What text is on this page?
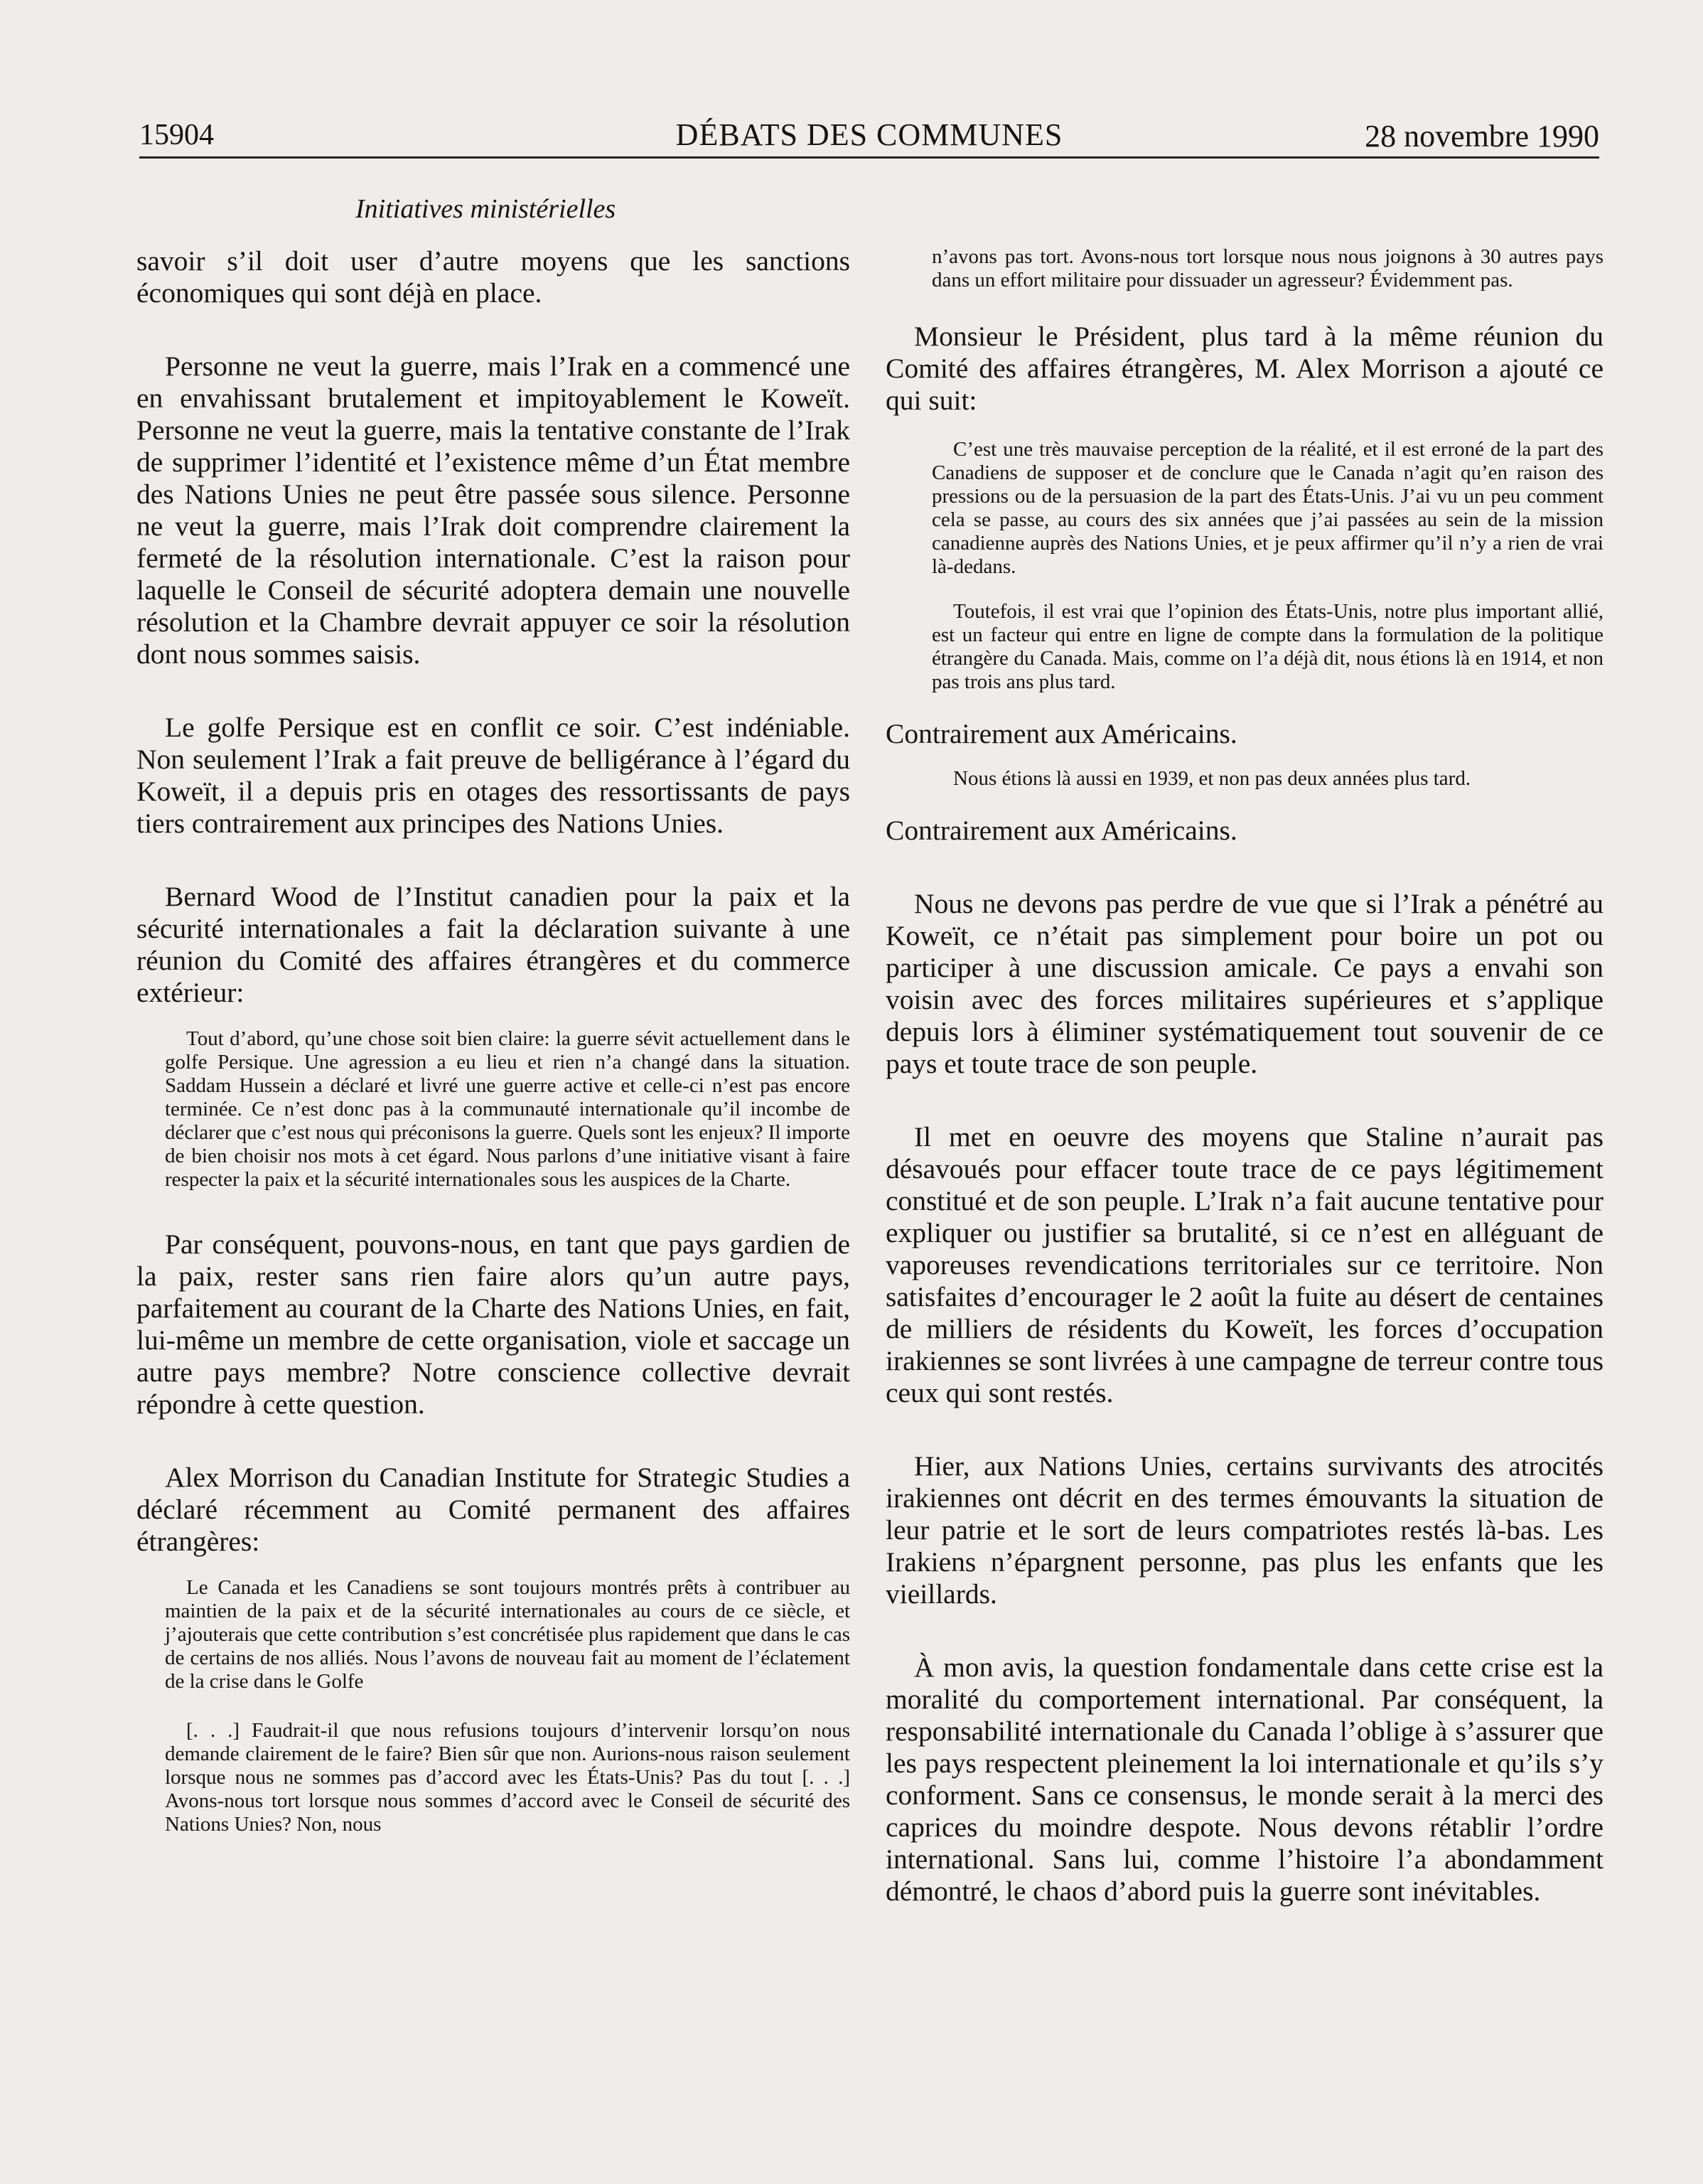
15904	DÉBATS DES COMMUNES	28 novembre 1990
Initiatives ministérielles

savoir s’il doit user d’autre moyens que les sanctions économiques qui sont déjà en place.

Personne ne veut la guerre, mais l’Irak en a commencé une en envahissant brutalement et impitoyablement le Koweït. Personne ne veut la guerre, mais la tentative constante de l’Irak de supprimer l’identité et l’existence même d’un État membre des Nations Unies ne peut être passée sous silence. Personne ne veut la guerre, mais l’Irak doit comprendre clairement la fermeté de la résolution internationale. C’est la raison pour laquelle le Conseil de sécurité adoptera demain une nouvelle résolution et la Chambre devrait appuyer ce soir la résolution dont nous sommes saisis.

Le golfe Persique est en conflit ce soir. C’est indéniable. Non seulement l’Irak a fait preuve de belligérance à l’égard du Koweït, il a depuis pris en otages des ressortissants de pays tiers contrairement aux principes des Nations Unies.

Bernard Wood de l’Institut canadien pour la paix et la sécurité internationales a fait la déclaration suivante à une réunion du Comité des affaires étrangères et du commerce extérieur:

Tout d’abord, qu’une chose soit bien claire: la guerre sévit actuellement dans le golfe Persique. Une agression a eu lieu et rien n’a changé dans la situation. Saddam Hussein a déclaré et livré une guerre active et celle-ci n’est pas encore terminée. Ce n’est donc pas à la communauté internationale qu’il incombe de déclarer que c’est nous qui préconisons la guerre. Quels sont les enjeux? Il importe de bien choisir nos mots à cet égard. Nous parlons d’une initiative visant à faire respecter la paix et la sécurité internationales sous les auspices de la Charte.

Par conséquent, pouvons-nous, en tant que pays gardien de la paix, rester sans rien faire alors qu’un autre pays, parfaitement au courant de la Charte des Nations Unies, en fait, lui-même un membre de cette organisation, viole et saccage un autre pays membre? Notre conscience collective devrait répondre à cette question.

Alex Morrison du Canadian Institute for Strategic Studies a déclaré récemment au Comité permanent des affaires étrangères:

Le Canada et les Canadiens se sont toujours montrés prêts à contribuer au maintien de la paix et de la sécurité internationales au cours de ce siècle, et j’ajouterais que cette contribution s’est concrétisée plus rapidement que dans le cas de certains de nos alliés. Nous l’avons de nouveau fait au moment de l’éclatement de la crise dans le Golfe

[. . .] Faudrait-il que nous refusions toujours d’intervenir lorsqu’on nous demande clairement de le faire? Bien sûr que non. Aurions-nous raison seulement lorsque nous ne sommes pas d’accord avec les États-Unis? Pas du tout [. . .] Avons-nous tort lorsque nous sommes d’accord avec le Conseil de sécurité des Nations Unies? Non, nous

n’avons pas tort. Avons-nous tort lorsque nous nous joignons à 30 autres pays dans un effort militaire pour dissuader un agresseur? Évidemment pas.

Monsieur le Président, plus tard à la même réunion du Comité des affaires étrangères, M. Alex Morrison a ajouté ce qui suit:

C’est une très mauvaise perception de la réalité, et il est erroné de la part des Canadiens de supposer et de conclure que le Canada n’agit qu’en raison des pressions ou de la persuasion de la part des États-Unis. J’ai vu un peu comment cela se passe, au cours des six années que j’ai passées au sein de la mission canadienne auprès des Nations Unies, et je peux affirmer qu’il n’y a rien de vrai là-dedans.

Toutefois, il est vrai que l’opinion des États-Unis, notre plus important allié, est un facteur qui entre en ligne de compte dans la formulation de la politique étrangère du Canada. Mais, comme on l’a déjà dit, nous étions là en 1914, et non pas trois ans plus tard.

Contrairement aux Américains.

Nous étions là aussi en 1939, et non pas deux années plus tard.

Contrairement aux Américains.

Nous ne devons pas perdre de vue que si l’Irak a pénétré au Koweït, ce n’était pas simplement pour boire un pot ou participer à une discussion amicale. Ce pays a envahi son voisin avec des forces militaires supérieures et s’applique depuis lors à éliminer systématiquement tout souvenir de ce pays et toute trace de son peuple.

Il met en oeuvre des moyens que Staline n’aurait pas désavoués pour effacer toute trace de ce pays légitimement constitué et de son peuple. L’Irak n’a fait aucune tentative pour expliquer ou justifier sa brutalité, si ce n’est en alléguant de vaporeuses revendications territoriales sur ce territoire. Non satisfaites d’encourager le 2 août la fuite au désert de centaines de milliers de résidents du Koweït, les forces d’occupation irakiennes se sont livrées à une campagne de terreur contre tous ceux qui sont restés.

Hier, aux Nations Unies, certains survivants des atrocités irakiennes ont décrit en des termes émouvants la situation de leur patrie et le sort de leurs compatriotes restés là-bas. Les Irakiens n’épargnent personne, pas plus les enfants que les vieillards.

À mon avis, la question fondamentale dans cette crise est la moralité du comportement international. Par conséquent, la responsabilité internationale du Canada l’oblige à s’assurer que les pays respectent pleinement la loi internationale et qu’ils s’y conforment. Sans ce consensus, le monde serait à la merci des caprices du moindre despote. Nous devons rétablir l’ordre international. Sans lui, comme l’histoire l’a abondamment démontré, le chaos d’abord puis la guerre sont inévitables.
